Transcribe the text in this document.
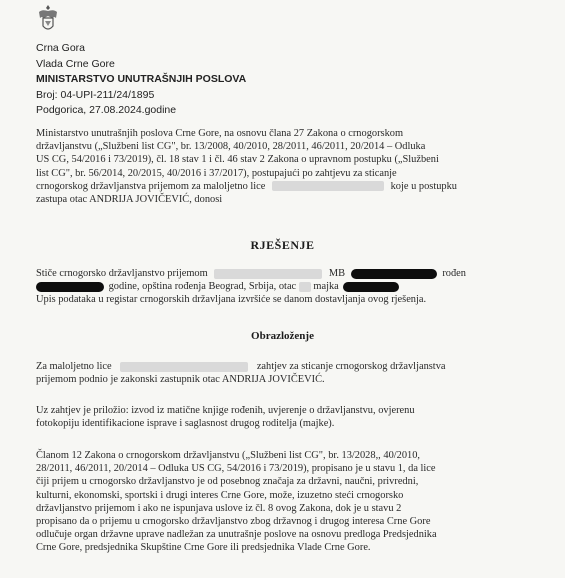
Crna Gora
Vlada Crne Gore
MINISTARSTVO UNUTRAŠNJIH POSLOVA
Broj: 04-UPI-211/24/1895
Podgorica, 27.08.2024.godine
Ministarstvo unutrašnjih poslova Crne Gore, na osnovu člana 27 Zakona o crnogorskom
državljanstvu („Službeni list CG", br. 13/2008, 40/2010, 28/2011, 46/2011, 20/2014 – Odluka
US CG, 54/2016 i 73/2019), čl. 18 stav 1 i čl. 46 stav 2 Zakona o upravnom postupku („Službeni
list CG", br. 56/2014, 20/2015, 40/2016 i 37/2017), postupajući po zahtjevu za sticanje
crnogorskog državljanstva prijemom za maloljetno lice	koje u postupku
zastupa otac ANDRIJA JOVIČEVIĆ, donosi
RJEŠENJE
Stiče crnogorsko državljanstvo prijemom	MB	rođen
godine, opština rođenja Beograd, Srbija, otac majka
Upis podataka u registar crnogorskih državljana izvršiće se danom dostavljanja ovog rješenja.
Obrazloženje
Za maloljetno lice	zahtjev za sticanje crnogorskog državljanstva
prijemom podnio je zakonski zastupnik otac ANDRIJA JOVIČEVIĆ.
Uz zahtjev je priložio: izvod iz matične knjige rođenih, uvjerenje o državljanstvu, ovjerenu
fotokopiju identifikacione isprave i saglasnost drugog roditelja (majke).
Članom 12 Zakona o crnogorskom državljanstvu („Službeni list CG", br. 13/2028,, 40/2010,
28/2011, 46/2011, 20/2014 – Odluka US CG, 54/2016 i 73/2019), propisano je u stavu 1, da lice
čiji prijem u crnogorsko državljanstvo je od posebnog značaja za državni, naučni, privredni,
kulturni, ekonomski, sportski i drugi interes Crne Gore, može, izuzetno steći crnogorsko
državljanstvo prijemom i ako ne ispunjava uslove iz čl. 8 ovog Zakona, dok je u stavu 2
propisano da o prijemu u crnogorsko državljanstvo zbog državnog i drugog interesa Crne Gore
odlučuje organ državne uprave nadležan za unutrašnje poslove na osnovu predloga Predsjednika
Crne Gore, predsjednika Skupštine Crne Gore ili predsjednika Vlade Crne Gore.
